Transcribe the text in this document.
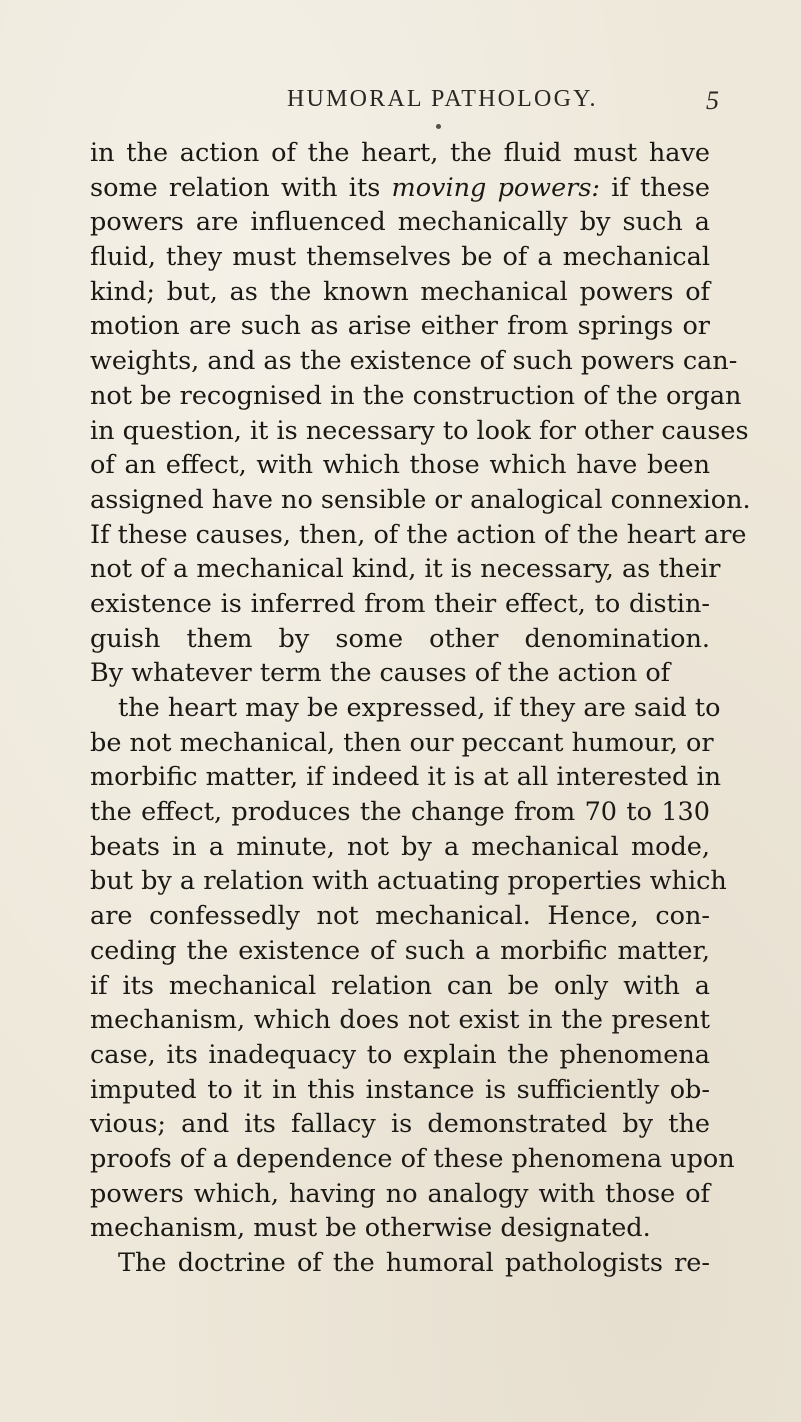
HUMORAL PATHOLOGY.	5
in the action of the heart, the fluid must have
some relation with its moving powers: if these
powers are influenced mechanically by such a
fluid, they must themselves be of a mechanical
kind; but, as the known mechanical powers of
motion are such as arise either from springs or
weights, and as the existence of such powers can-
not be recognised in the construction of the organ
in question, it is necessary to look for other causes
of an effect, with which those which have been
assigned have no sensible or analogical connexion.
If these causes, then, of the action of the heart are
not of a mechanical kind, it is necessary, as their
existence is inferred from their effect, to distin-
guish them by some other denomination.
By whatever term the causes of the action of
the heart may be expressed, if they are said to
be not mechanical, then our peccant humour, or
morbific matter, if indeed it is at all interested in
the effect, produces the change from 70 to 130
beats in a minute, not by a mechanical mode,
but by a relation with actuating properties which
are confessedly not mechanical. Hence, con-
ceding the existence of such a morbific matter,
if its mechanical relation can be only with a
mechanism, which does not exist in the present
case, its inadequacy to explain the phenomena
imputed to it in this instance is sufficiently ob-
vious; and its fallacy is demonstrated by the
proofs of a dependence of these phenomena upon
powers which, having no analogy with those of
mechanism, must be otherwise designated.
The doctrine of the humoral pathologists re-
